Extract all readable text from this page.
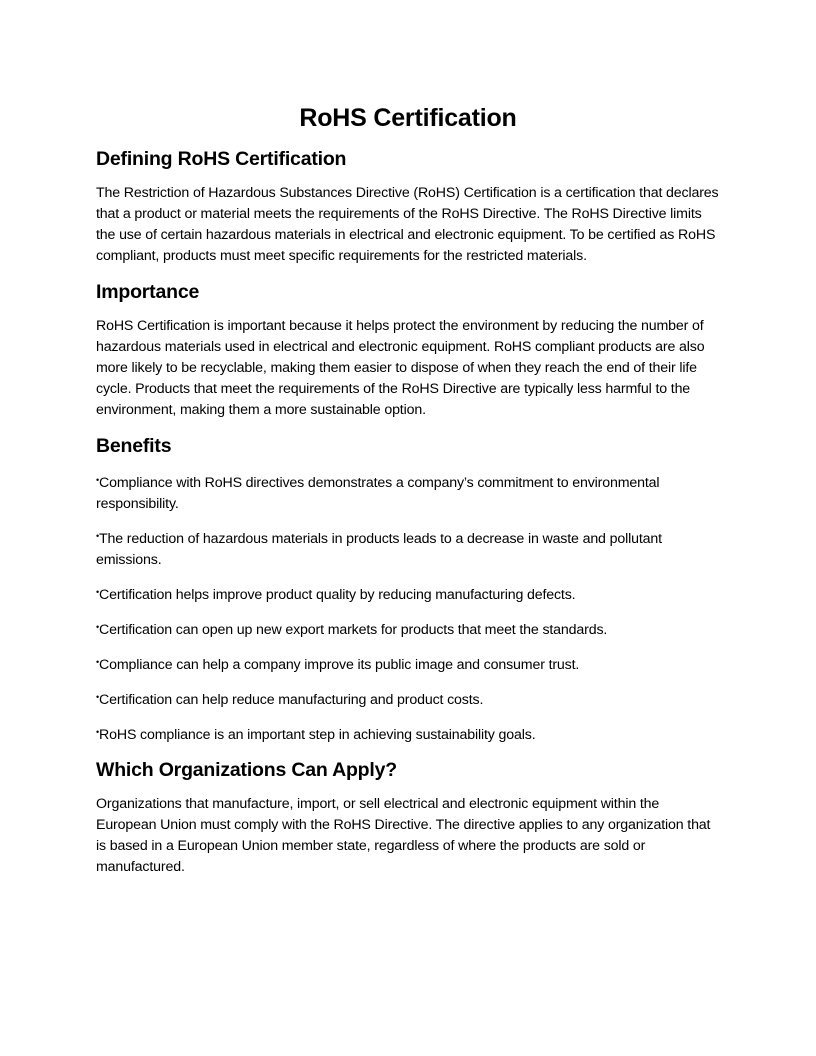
RoHS Certification
Defining RoHS Certification

The Restriction of Hazardous Substances Directive (RoHS) Certification is a certification that declares that a product or material meets the requirements of the RoHS Directive. The RoHS Directive limits the use of certain hazardous materials in electrical and electronic equipment. To be certified as RoHS compliant, products must meet specific requirements for the restricted materials.

Importance

RoHS Certification is important because it helps protect the environment by reducing the number of hazardous materials used in electrical and electronic equipment. RoHS compliant products are also more likely to be recyclable, making them easier to dispose of when they reach the end of their life cycle. Products that meet the requirements of the RoHS Directive are typically less harmful to the environment, making them a more sustainable option.

Benefits
•Compliance with RoHS directives demonstrates a company’s commitment to environmental responsibility.
•The reduction of hazardous materials in products leads to a decrease in waste and pollutant emissions.
•Certification helps improve product quality by reducing manufacturing defects.
•Certification can open up new export markets for products that meet the standards.
•Compliance can help a company improve its public image and consumer trust.
•Certification can help reduce manufacturing and product costs.
•RoHS compliance is an important step in achieving sustainability goals.
Which Organizations Can Apply?

Organizations that manufacture, import, or sell electrical and electronic equipment within the European Union must comply with the RoHS Directive. The directive applies to any organization that is based in a European Union member state, regardless of where the products are sold or manufactured.
